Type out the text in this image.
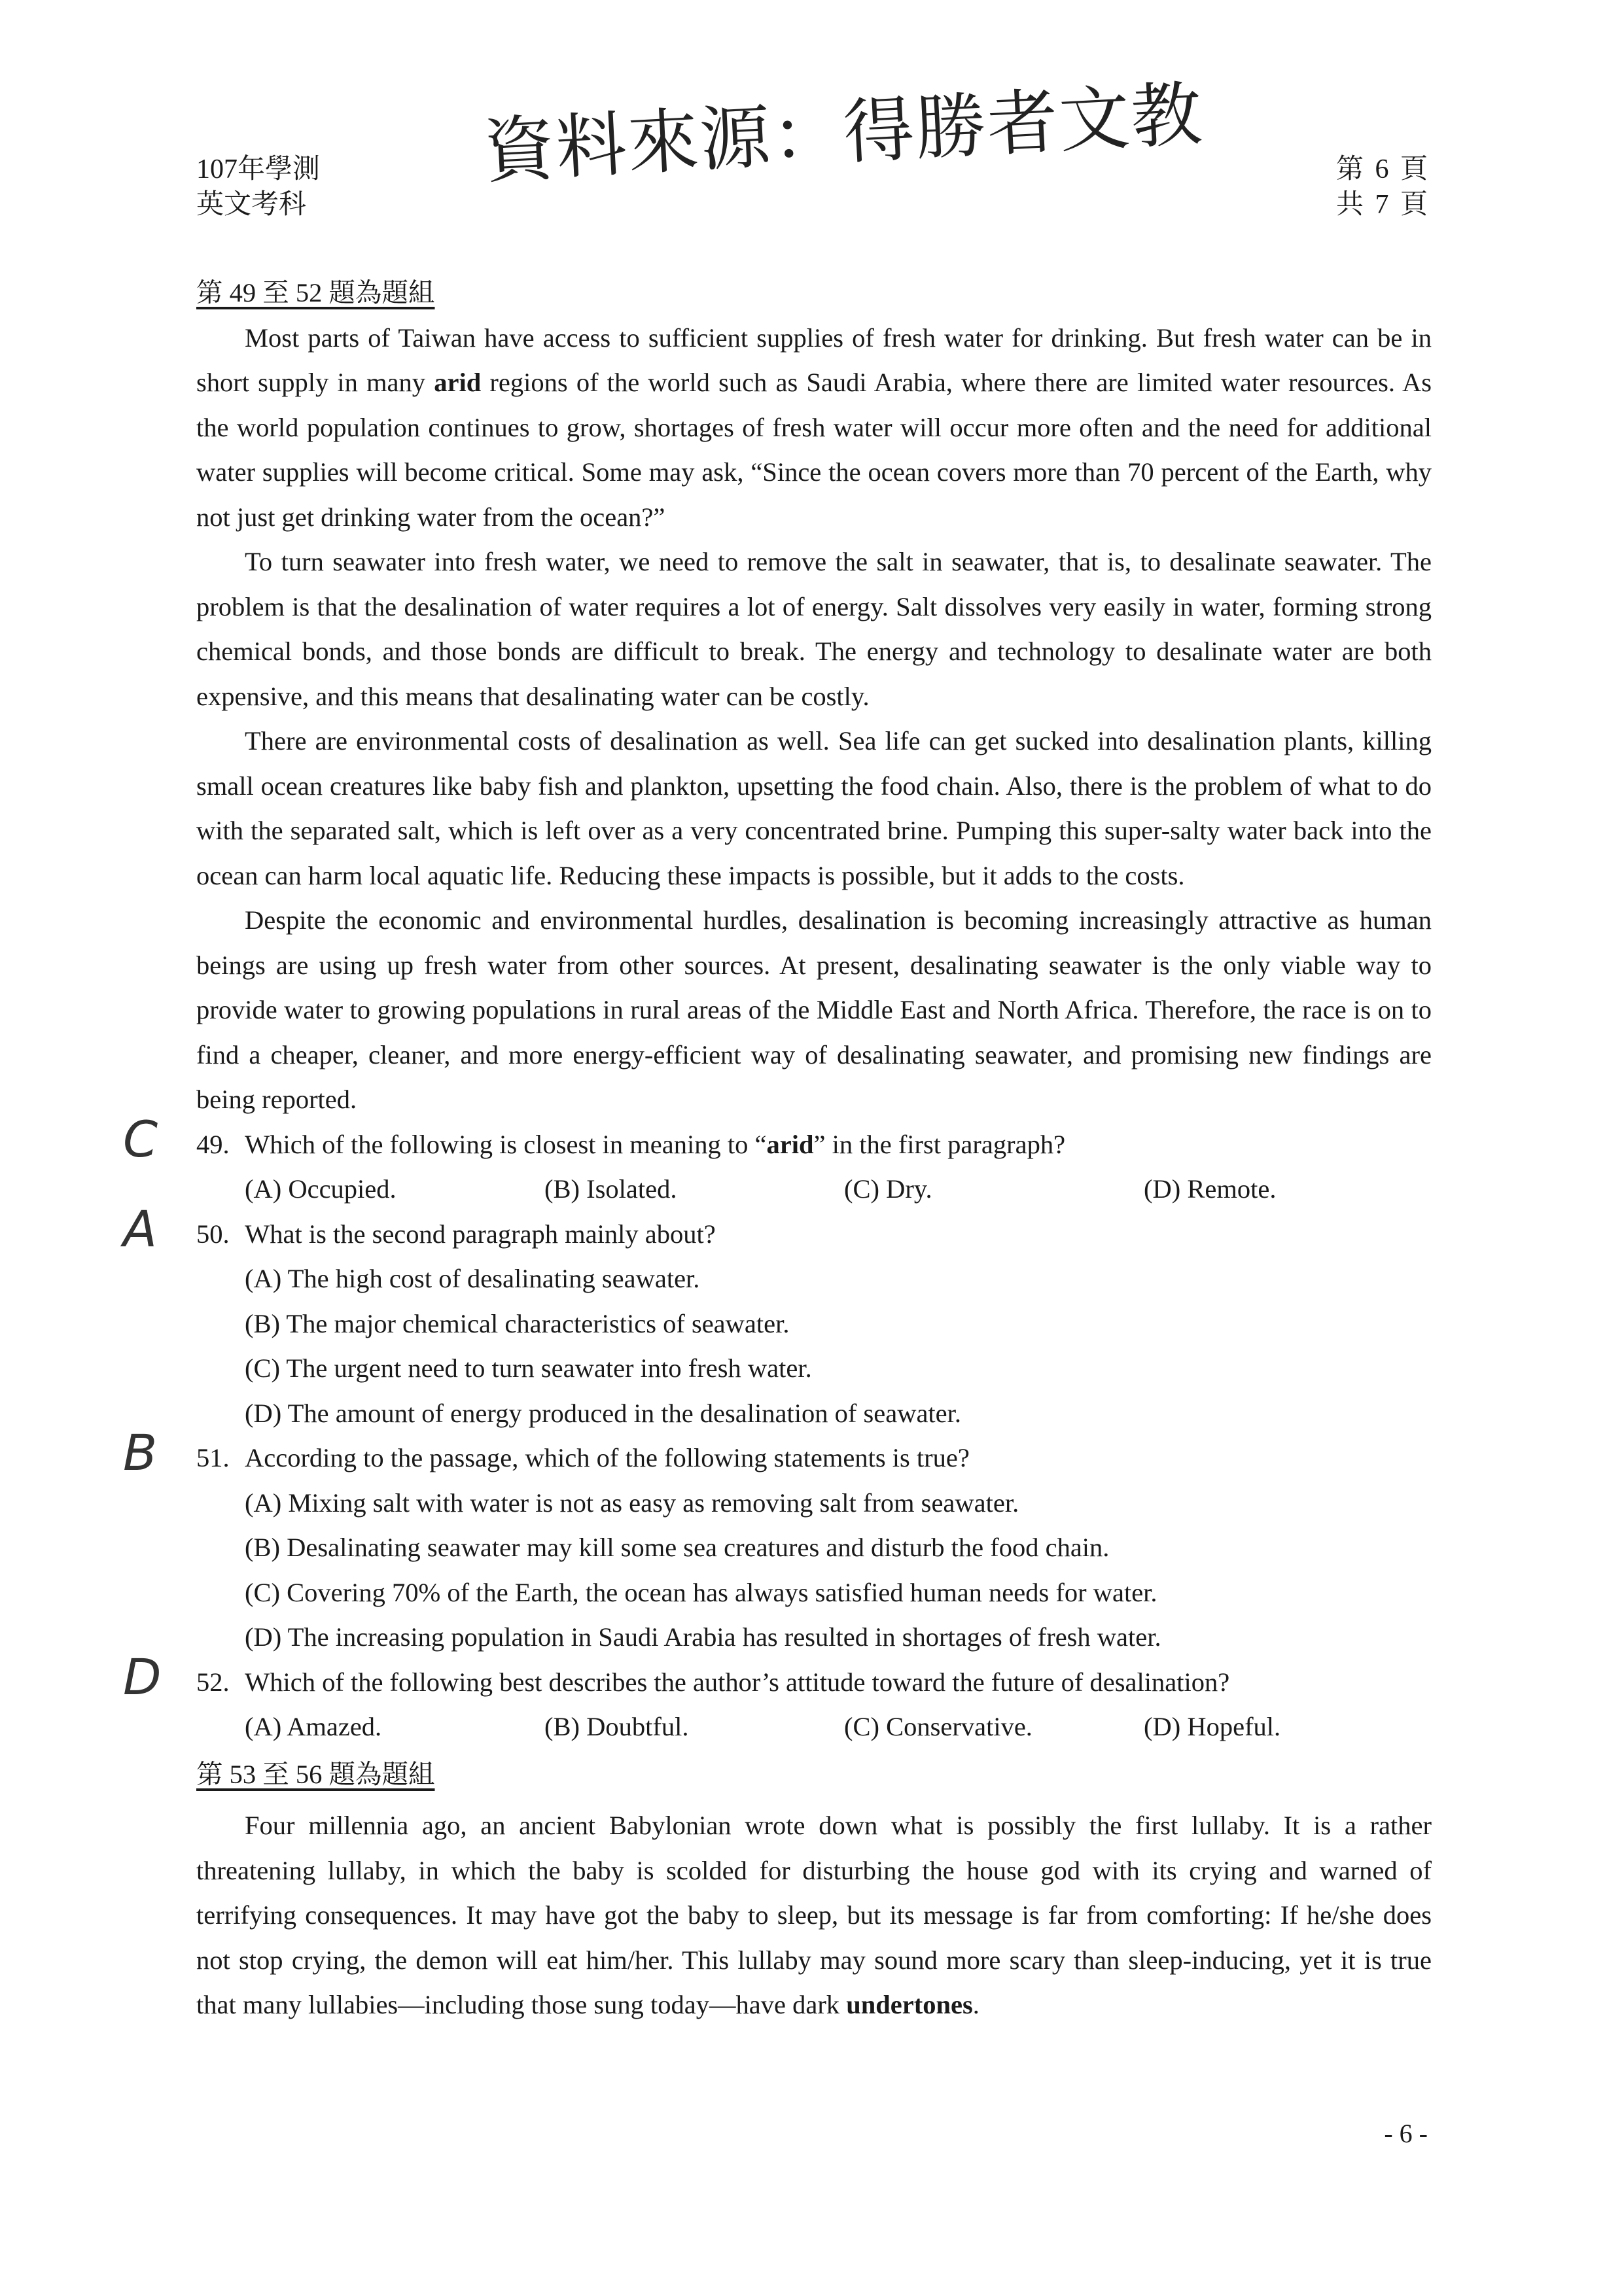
107年學測
英文考科
資料來源：得勝者文教	第 6 頁
共 7 頁

第 49 至 52 題為題組

Most parts of Taiwan have access to sufficient supplies of fresh water for drinking. But fresh water can be in short supply in many arid regions of the world such as Saudi Arabia, where there are limited water resources. As the world population continues to grow, shortages of fresh water will occur more often and the need for additional water supplies will become critical. Some may ask, “Since the ocean covers more than 70 percent of the Earth, why not just get drinking water from the ocean?”

To turn seawater into fresh water, we need to remove the salt in seawater, that is, to desalinate seawater. The problem is that the desalination of water requires a lot of energy. Salt dissolves very easily in water, forming strong chemical bonds, and those bonds are difficult to break. The energy and technology to desalinate water are both expensive, and this means that desalinating water can be costly.

There are environmental costs of desalination as well. Sea life can get sucked into desalination plants, killing small ocean creatures like baby fish and plankton, upsetting the food chain. Also, there is the problem of what to do with the separated salt, which is left over as a very concentrated brine. Pumping this super-salty water back into the ocean can harm local aquatic life. Reducing these impacts is possible, but it adds to the costs.

Despite the economic and environmental hurdles, desalination is becoming increasingly attractive as human beings are using up fresh water from other sources. At present, desalinating seawater is the only viable way to provide water to growing populations in rural areas of the Middle East and North Africa. Therefore, the race is on to find a cheaper, cleaner, and more energy-efficient way of desalinating seawater, and promising new findings are being reported.

C 49. Which of the following is closest in meaning to “arid” in the first paragraph?

(A) Occupied.	(B) Isolated.	(C) Dry.	(D) Remote.
A 50. What is the second paragraph mainly about?

(A) The high cost of desalinating seawater.

(B) The major chemical characteristics of seawater.

(C) The urgent need to turn seawater into fresh water.

(D) The amount of energy produced in the desalination of seawater.

B 51. According to the passage, which of the following statements is true?

(A) Mixing salt with water is not as easy as removing salt from seawater.

(B) Desalinating seawater may kill some sea creatures and disturb the food chain.

(C) Covering 70% of the Earth, the ocean has always satisfied human needs for water.

(D) The increasing population in Saudi Arabia has resulted in shortages of fresh water.

D 52. Which of the following best describes the author’s attitude toward the future of desalination?

(A) Amazed.	(B) Doubtful.	(C) Conservative.	(D) Hopeful.

第 53 至 56 題為題組

Four millennia ago, an ancient Babylonian wrote down what is possibly the first lullaby. It is a rather threatening lullaby, in which the baby is scolded for disturbing the house god with its crying and warned of terrifying consequences. It may have got the baby to sleep, but its message is far from comforting: If he/she does not stop crying, the demon will eat him/her. This lullaby may sound more scary than sleep-inducing, yet it is true that many lullabies—including those sung today—have dark undertones.

- 6 -
